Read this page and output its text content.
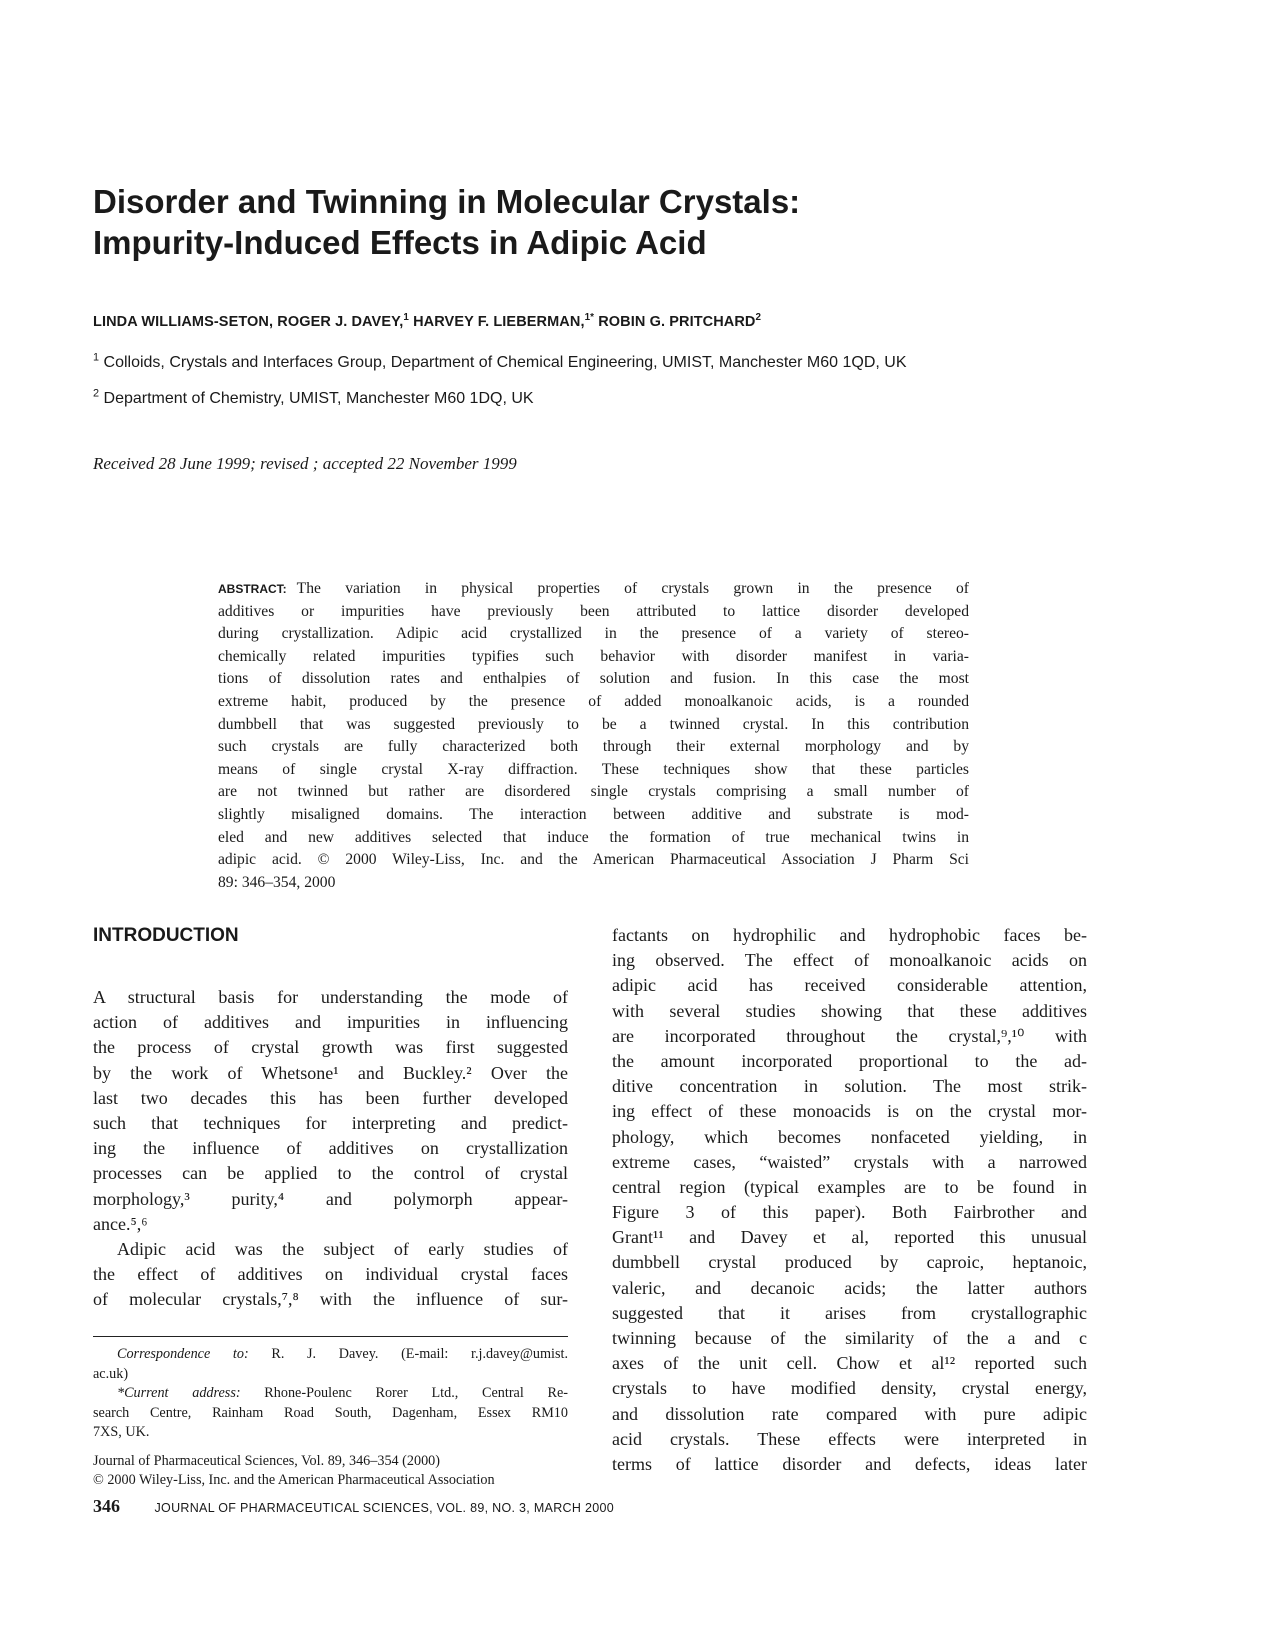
Disorder and Twinning in Molecular Crystals:
Impurity-Induced Effects in Adipic Acid
LINDA WILLIAMS-SETON, ROGER J. DAVEY,$^1$ HARVEY F. LIEBERMAN,$^{1*}$ ROBIN G. PRITCHARD$^2$
$^1$ Colloids, Crystals and Interfaces Group, Department of Chemical Engineering, UMIST, Manchester M60 1QD, UK
$^2$ Department of Chemistry, UMIST, Manchester M60 1DQ, UK
Received 28 June 1999; revised ; accepted 22 November 1999
ABSTRACT: The variation in physical properties of crystals grown in the presence of
additives or impurities have previously been attributed to lattice disorder developed
during crystallization. Adipic acid crystallized in the presence of a variety of stereo-
chemically related impurities typifies such behavior with disorder manifest in varia-
tions of dissolution rates and enthalpies of solution and fusion. In this case the most
extreme habit, produced by the presence of added monoalkanoic acids, is a rounded
dumbbell that was suggested previously to be a twinned crystal. In this contribution
such crystals are fully characterized both through their external morphology and by
means of single crystal X-ray diffraction. These techniques show that these particles
are not twinned but rather are disordered single crystals comprising a small number of
slightly misaligned domains. The interaction between additive and substrate is mod-
eled and new additives selected that induce the formation of true mechanical twins in
adipic acid. © 2000 Wiley-Liss, Inc. and the American Pharmaceutical Association J Pharm Sci
89: 346–354, 2000
INTRODUCTION
A structural basis for understanding the mode of
action of additives and impurities in influencing
the process of crystal growth was first suggested
by the work of Whetsone¹ and Buckley.² Over the
last two decades this has been further developed
such that techniques for interpreting and predict-
ing the influence of additives on crystallization
processes can be applied to the control of crystal
morphology,³ purity,⁴ and polymorph appear-
ance.⁵,⁶
Adipic acid was the subject of early studies of
the effect of additives on individual crystal faces
of molecular crystals,⁷,⁸ with the influence of sur-
factants on hydrophilic and hydrophobic faces be-
ing observed. The effect of monoalkanoic acids on
adipic acid has received considerable attention,
with several studies showing that these additives
are incorporated throughout the crystal,⁹,¹⁰ with
the amount incorporated proportional to the ad-
ditive concentration in solution. The most strik-
ing effect of these monoacids is on the crystal mor-
phology, which becomes nonfaceted yielding, in
extreme cases, “waisted” crystals with a narrowed
central region (typical examples are to be found in
Figure 3 of this paper). Both Fairbrother and
Grant¹¹ and Davey et al, reported this unusual
dumbbell crystal produced by caproic, heptanoic,
valeric, and decanoic acids; the latter authors
suggested that it arises from crystallographic
twinning because of the similarity of the a and c
axes of the unit cell. Chow et al¹² reported such
crystals to have modified density, crystal energy,
and dissolution rate compared with pure adipic
acid crystals. These effects were interpreted in
terms of lattice disorder and defects, ideas later
Correspondence to: R. J. Davey. (E-mail: r.j.davey@umist.
ac.uk)
*Current address: Rhone-Poulenc Rorer Ltd., Central Re-
search Centre, Rainham Road South, Dagenham, Essex RM10
7XS, UK.
Journal of Pharmaceutical Sciences, Vol. 89, 346–354 (2000)
© 2000 Wiley-Liss, Inc. and the American Pharmaceutical Association
346	JOURNAL OF PHARMACEUTICAL SCIENCES, VOL. 89, NO. 3, MARCH 2000
